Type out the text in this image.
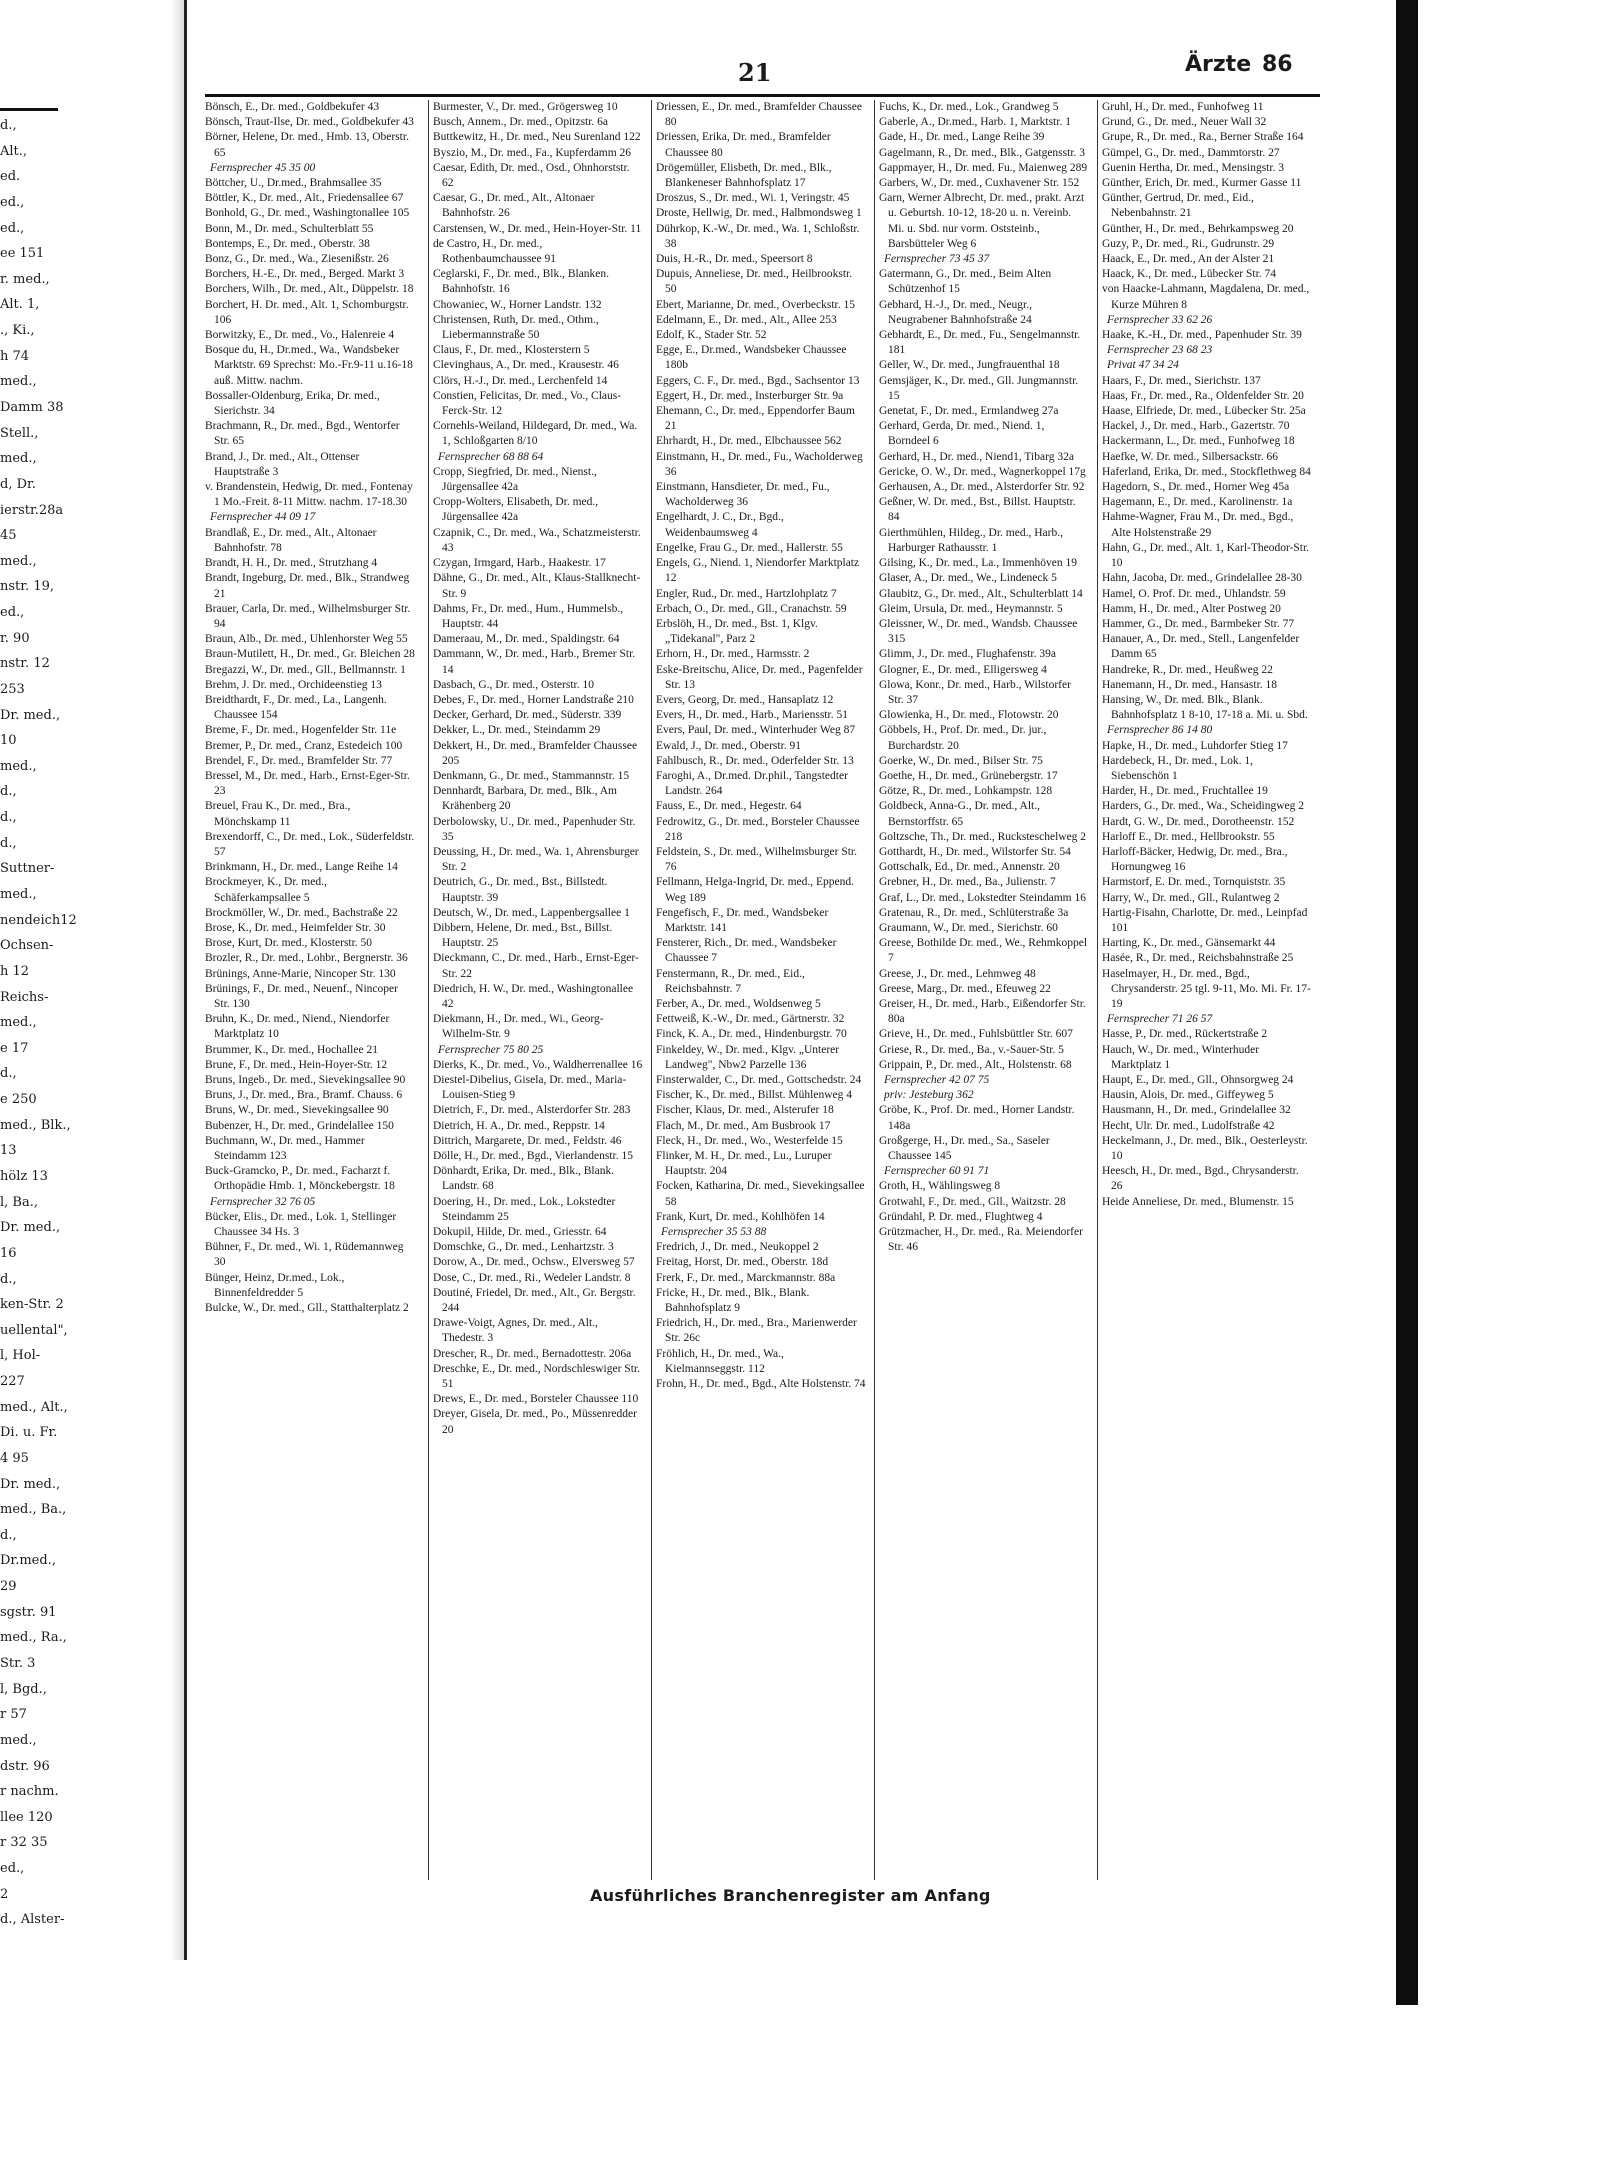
d.,
Alt.,
ed.
ed.,
ed.,
ee 151
r. med.,
Alt. 1,
., Ki.,
h 74
med.,
Damm 38
Stell.,
med.,
d, Dr.
ierstr.28a
45
med.,
nstr. 19,
ed.,
r. 90
nstr. 12
253
Dr. med.,
10
med.,
d.,
d.,
d.,
Suttner-
med.,
nendeich12
Ochsen-
h 12
Reichs-
med.,
e 17
d.,
e 250
med., Blk.,
13
hölz 13
l, Ba.,
Dr. med.,
16
d.,
ken-Str. 2
uellental",
l, Hol-
227
med., Alt.,
Di. u. Fr.
4 95
Dr. med.,
med., Ba.,
d.,
Dr.med.,
29
sgstr. 91
med., Ra.,
Str. 3
l, Bgd.,
r 57
med.,
dstr. 96
r nachm.
llee 120
r 32 35
ed.,
2
d., Alster-
21	Ärzte 86

Bönsch, E., Dr. med., Goldbekufer 43

Bönsch, Traut-Ilse, Dr. med., Goldbekufer 43

Börner, Helene, Dr. med., Hmb. 13, Oberstr. 65

Fernsprecher 45 35 00

Böttcher, U., Dr.med., Brahmsallee 35

Böttler, K., Dr. med., Alt., Friedensallee 67

Bonhold, G., Dr. med., Washingtonallee 105

Bonn, M., Dr. med., Schulterblatt 55

Bontemps, E., Dr. med., Oberstr. 38

Bonz, G., Dr. med., Wa., Ziesenißstr. 26

Borchers, H.-E., Dr. med., Berged. Markt 3

Borchers, Wilh., Dr. med., Alt., Düppelstr. 18

Borchert, H. Dr. med., Alt. 1, Schomburgstr. 106

Borwitzky, E., Dr. med., Vo., Halenreie 4

Bosque du, H., Dr.med., Wa., Wandsbeker Marktstr. 69 Sprechst: Mo.-Fr.9-11 u.16-18 auß. Mittw. nachm.

Bossaller-Oldenburg, Erika, Dr. med., Sierichstr. 34

Brachmann, R., Dr. med., Bgd., Wentorfer Str. 65

Brand, J., Dr. med., Alt., Ottenser Hauptstraße 3

v. Brandenstein, Hedwig, Dr. med., Fontenay 1 Mo.-Freit. 8-11 Mittw. nachm. 17-18.30

Fernsprecher 44 09 17

Brandlaß, E., Dr. med., Alt., Altonaer Bahnhofstr. 78

Brandt, H. H., Dr. med., Strutzhang 4

Brandt, Ingeburg, Dr. med., Blk., Strandweg 21

Brauer, Carla, Dr. med., Wilhelmsburger Str. 94

Braun, Alb., Dr. med., Uhlenhorster Weg 55

Braun-Mutilett, H., Dr. med., Gr. Bleichen 28

Bregazzi, W., Dr. med., Gll., Bellmannstr. 1

Brehm, J. Dr. med., Orchideenstieg 13

Breidthardt, F., Dr. med., La., Langenh. Chaussee 154

Breme, F., Dr. med., Hogenfelder Str. 11e

Bremer, P., Dr. med., Cranz, Estedeich 100

Brendel, F., Dr. med., Bramfelder Str. 77

Bressel, M., Dr. med., Harb., Ernst-Eger-Str. 23

Breuel, Frau K., Dr. med., Bra., Mönchskamp 11

Brexendorff, C., Dr. med., Lok., Süderfeldstr. 57

Brinkmann, H., Dr. med., Lange Reihe 14

Brockmeyer, K., Dr. med., Schäferkampsallee 5

Brockmöller, W., Dr. med., Bachstraße 22

Brose, K., Dr. med., Heimfelder Str. 30

Brose, Kurt, Dr. med., Klosterstr. 50

Brozler, R., Dr. med., Lohbr., Bergnerstr. 36

Brünings, Anne-Marie, Nincoper Str. 130

Brünings, F., Dr. med., Neuenf., Nincoper Str. 130

Bruhn, K., Dr. med., Niend., Niendorfer Marktplatz 10

Brummer, K., Dr. med., Hochallee 21

Brune, F., Dr. med., Hein-Hoyer-Str. 12

Bruns, Ingeb., Dr. med., Sievekingsallee 90

Bruns, J., Dr. med., Bra., Bramf. Chauss. 6

Bruns, W., Dr. med., Sievekingsallee 90

Bubenzer, H., Dr. med., Grindelallee 150

Buchmann, W., Dr. med., Hammer Steindamm 123

Buck-Gramcko, P., Dr. med., Facharzt f. Orthopädie Hmb. 1, Mönckebergstr. 18

Fernsprecher 32 76 05

Bücker, Elis., Dr. med., Lok. 1, Stellinger Chaussee 34 Hs. 3

Bühner, F., Dr. med., Wi. 1, Rüdemannweg 30

Bünger, Heinz, Dr.med., Lok., Binnenfeldredder 5

Bulcke, W., Dr. med., Gll., Statthalterplatz 2

Burmester, V., Dr. med., Grögersweg 10

Busch, Annem., Dr. med., Opitzstr. 6a

Buttkewitz, H., Dr. med., Neu Surenland 122

Byszio, M., Dr. med., Fa., Kupferdamm 26

Caesar, Edith, Dr. med., Osd., Ohnhorststr. 62

Caesar, G., Dr. med., Alt., Altonaer Bahnhofstr. 26

Carstensen, W., Dr. med., Hein-Hoyer-Str. 11

de Castro, H., Dr. med., Rothenbaumchaussee 91

Ceglarski, F., Dr. med., Blk., Blanken. Bahnhofstr. 16

Chowaniec, W., Horner Landstr. 132

Christensen, Ruth, Dr. med., Othm., Liebermannstraße 50

Claus, F., Dr. med., Klosterstern 5

Clevinghaus, A., Dr. med., Krausestr. 46

Clörs, H.-J., Dr. med., Lerchenfeld 14

Constien, Felicitas, Dr. med., Vo., Claus-Ferck-Str. 12

Cornehls-Weiland, Hildegard, Dr. med., Wa. 1, Schloßgarten 8/10

Fernsprecher 68 88 64

Cropp, Siegfried, Dr. med., Nienst., Jürgensallee 42a

Cropp-Wolters, Elisabeth, Dr. med., Jürgensallee 42a

Czapnik, C., Dr. med., Wa., Schatzmeisterstr. 43

Czygan, Irmgard, Harb., Haakestr. 17

Dähne, G., Dr. med., Alt., Klaus-Stallknecht-Str. 9

Dahms, Fr., Dr. med., Hum., Hummelsb., Hauptstr. 44

Dameraau, M., Dr. med., Spaldingstr. 64

Dammann, W., Dr. med., Harb., Bremer Str. 14

Dasbach, G., Dr. med., Osterstr. 10

Debes, F., Dr. med., Horner Landstraße 210

Decker, Gerhard, Dr. med., Süderstr. 339

Dekker, L., Dr. med., Steindamm 29

Dekkert, H., Dr. med., Bramfelder Chaussee 205

Denkmann, G., Dr. med., Stammannstr. 15

Dennhardt, Barbara, Dr. med., Blk., Am Krähenberg 20

Derbolowsky, U., Dr. med., Papenhuder Str. 35

Deussing, H., Dr. med., Wa. 1, Ahrensburger Str. 2

Deutrich, G., Dr. med., Bst., Billstedt. Hauptstr. 39

Deutsch, W., Dr. med., Lappenbergsallee 1

Dibbern, Helene, Dr. med., Bst., Billst. Hauptstr. 25

Dieckmann, C., Dr. med., Harb., Ernst-Eger-Str. 22

Diedrich, H. W., Dr. med., Washingtonallee 42

Diekmann, H., Dr. med., Wi., Georg-Wilhelm-Str. 9

Fernsprecher 75 80 25

Dierks, K., Dr. med., Vo., Waldherrenallee 16

Diestel-Dibelius, Gisela, Dr. med., Maria-Louisen-Stieg 9

Dietrich, F., Dr. med., Alsterdorfer Str. 283

Dietrich, H. A., Dr. med., Reppstr. 14

Dittrich, Margarete, Dr. med., Feldstr. 46

Dölle, H., Dr. med., Bgd., Vierlandenstr. 15

Dönhardt, Erika, Dr. med., Blk., Blank. Landstr. 68

Doering, H., Dr. med., Lok., Lokstedter Steindamm 25

Dokupil, Hilde, Dr. med., Griesstr. 64

Domschke, G., Dr. med., Lenhartzstr. 3

Dorow, A., Dr. med., Ochsw., Elversweg 57

Dose, C., Dr. med., Ri., Wedeler Landstr. 8

Doutiné, Friedel, Dr. med., Alt., Gr. Bergstr. 244

Drawe-Voigt, Agnes, Dr. med., Alt., Thedestr. 3

Drescher, R., Dr. med., Bernadottestr. 206a

Dreschke, E., Dr. med., Nordschleswiger Str. 51

Drews, E., Dr. med., Borsteler Chaussee 110

Dreyer, Gisela, Dr. med., Po., Müssenredder 20

Driessen, E., Dr. med., Bramfelder Chaussee 80

Driessen, Erika, Dr. med., Bramfelder Chaussee 80

Drögemüller, Elisbeth, Dr. med., Blk., Blankeneser Bahnhofsplatz 17

Droszus, S., Dr. med., Wi. 1, Veringstr. 45

Droste, Hellwig, Dr. med., Halbmondsweg 1

Dührkop, K.-W., Dr. med., Wa. 1, Schloßstr. 38

Duis, H.-R., Dr. med., Speersort 8

Dupuis, Anneliese, Dr. med., Heilbrookstr. 50

Ebert, Marianne, Dr. med., Overbeckstr. 15

Edelmann, E., Dr. med., Alt., Allee 253

Edolf, K., Stader Str. 52

Egge, E., Dr.med., Wandsbeker Chaussee 180b

Eggers, C. F., Dr. med., Bgd., Sachsentor 13

Eggert, H., Dr. med., Insterburger Str. 9a

Ehemann, C., Dr. med., Eppendorfer Baum 21

Ehrhardt, H., Dr. med., Elbchaussee 562

Einstmann, H., Dr. med., Fu., Wacholderweg 36

Einstmann, Hansdieter, Dr. med., Fu., Wacholderweg 36

Engelhardt, J. C., Dr., Bgd., Weidenbaumsweg 4

Engelke, Frau G., Dr. med., Hallerstr. 55

Engels, G., Niend. 1, Niendorfer Marktplatz 12

Engler, Rud., Dr. med., Hartzlohplatz 7

Erbach, O., Dr. med., Gll., Cranachstr. 59

Erbslöh, H., Dr. med., Bst. 1, Klgv. „Tidekanal", Parz 2

Erhorn, H., Dr. med., Harmsstr. 2

Eske-Breitschu, Alice, Dr. med., Pagenfelder Str. 13

Evers, Georg, Dr. med., Hansaplatz 12

Evers, H., Dr. med., Harb., Mariensstr. 51

Evers, Paul, Dr. med., Winterhuder Weg 87

Ewald, J., Dr. med., Oberstr. 91

Fahlbusch, R., Dr. med., Oderfelder Str. 13

Faroghi, A., Dr.med. Dr.phil., Tangstedter Landstr. 264

Fauss, E., Dr. med., Hegestr. 64

Fedrowitz, G., Dr. med., Borsteler Chaussee 218

Feldstein, S., Dr. med., Wilhelmsburger Str. 76

Fellmann, Helga-Ingrid, Dr. med., Eppend. Weg 189

Fengefisch, F., Dr. med., Wandsbeker Marktstr. 141

Fensterer, Rich., Dr. med., Wandsbeker Chaussee 7

Fenstermann, R., Dr. med., Eid., Reichsbahnstr. 7

Ferber, A., Dr. med., Woldsenweg 5

Fettweiß, K.-W., Dr. med., Gärtnerstr. 32

Finck, K. A., Dr. med., Hindenburgstr. 70

Finkeldey, W., Dr. med., Klgv. „Unterer Landweg", Nbw2 Parzelle 136

Finsterwalder, C., Dr. med., Gottschedstr. 24

Fischer, K., Dr. med., Billst. Mühlenweg 4

Fischer, Klaus, Dr. med., Alsterufer 18

Flach, M., Dr. med., Am Busbrook 17

Fleck, H., Dr. med., Wo., Westerfelde 15

Flinker, M. H., Dr. med., Lu., Luruper Hauptstr. 204

Focken, Katharina, Dr. med., Sievekingsallee 58

Frank, Kurt, Dr. med., Kohlhöfen 14

Fernsprecher 35 53 88

Fredrich, J., Dr. med., Neukoppel 2

Freitag, Horst, Dr. med., Oberstr. 18d

Frerk, F., Dr. med., Marckmannstr. 88a

Fricke, H., Dr. med., Blk., Blank. Bahnhofsplatz 9

Friedrich, H., Dr. med., Bra., Marienwerder Str. 26c

Fröhlich, H., Dr. med., Wa., Kielmannseggstr. 112

Frohn, H., Dr. med., Bgd., Alte Holstenstr. 74

Fuchs, K., Dr. med., Lok., Grandweg 5

Gaberle, A., Dr.med., Harb. 1, Marktstr. 1

Gade, H., Dr. med., Lange Reihe 39

Gagelmann, R., Dr. med., Blk., Gatgensstr. 3

Gappmayer, H., Dr. med. Fu., Maienweg 289

Garbers, W., Dr. med., Cuxhavener Str. 152

Garn, Werner Albrecht, Dr. med., prakt. Arzt u. Geburtsh. 10-12, 18-20 u. n. Vereinb. Mi. u. Sbd. nur vorm. Oststeinb., Barsbütteler Weg 6

Fernsprecher 73 45 37

Gatermann, G., Dr. med., Beim Alten Schützenhof 15

Gebhard, H.-J., Dr. med., Neugr., Neugrabener Bahnhofstraße 24

Gebhardt, E., Dr. med., Fu., Sengelmannstr. 181

Geller, W., Dr. med., Jungfrauenthal 18

Gemsjäger, K., Dr. med., Gll. Jungmannstr. 15

Genetat, F., Dr. med., Ermlandweg 27a

Gerhard, Gerda, Dr. med., Niend. 1, Borndeel 6

Gerhard, H., Dr. med., Niend1, Tibarg 32a

Gericke, O. W., Dr. med., Wagnerkoppel 17g

Gerhausen, A., Dr. med., Alsterdorfer Str. 92

Geßner, W. Dr. med., Bst., Billst. Hauptstr. 84

Gierthmühlen, Hildeg., Dr. med., Harb., Harburger Rathausstr. 1

Gilsing, K., Dr. med., La., Immenhöven 19

Glaser, A., Dr. med., We., Lindeneck 5

Glaubitz, G., Dr. med., Alt., Schulterblatt 14

Gleim, Ursula, Dr. med., Heymannstr. 5

Gleissner, W., Dr. med., Wandsb. Chaussee 315

Glimm, J., Dr. med., Flughafenstr. 39a

Glogner, E., Dr. med., Elligersweg 4

Glowa, Konr., Dr. med., Harb., Wilstorfer Str. 37

Glowienka, H., Dr. med., Flotowstr. 20

Göbbels, H., Prof. Dr. med., Dr. jur., Burchardstr. 20

Goerke, W., Dr. med., Bilser Str. 75

Goethe, H., Dr. med., Grünebergstr. 17

Götze, R., Dr. med., Lohkampstr. 128

Goldbeck, Anna-G., Dr. med., Alt., Bernstorffstr. 65

Goltzsche, Th., Dr. med., Rucksteschelweg 2

Gotthardt, H., Dr. med., Wilstorfer Str. 54

Gottschalk, Ed., Dr. med., Annenstr. 20

Grebner, H., Dr. med., Ba., Julienstr. 7

Graf, L., Dr. med., Lokstedter Steindamm 16

Gratenau, R., Dr. med., Schlüterstraße 3a

Graumann, W., Dr. med., Sierichstr. 60

Greese, Bothilde Dr. med., We., Rehmkoppel 7

Greese, J., Dr. med., Lehmweg 48

Greese, Marg., Dr. med., Efeuweg 22

Greiser, H., Dr. med., Harb., Eißendorfer Str. 80a

Grieve, H., Dr. med., Fuhlsbüttler Str. 607

Griese, R., Dr. med., Ba., v.-Sauer-Str. 5

Grippain, P., Dr. med., Alt., Holstenstr. 68

Fernsprecher 42 07 75

priv: Jesteburg 362

Gröbe, K., Prof. Dr. med., Horner Landstr. 148a

Großgerge, H., Dr. med., Sa., Saseler Chaussee 145

Fernsprecher 60 91 71

Groth, H., Wählingsweg 8

Grotwahl, F., Dr. med., Gll., Waitzstr. 28

Gründahl, P. Dr. med., Flughtweg 4

Grützmacher, H., Dr. med., Ra. Meiendorfer Str. 46

Gruhl, H., Dr. med., Funhofweg 11

Grund, G., Dr. med., Neuer Wall 32

Grupe, R., Dr. med., Ra., Berner Straße 164

Gümpel, G., Dr. med., Dammtorstr. 27

Guenin Hertha, Dr. med., Mensingstr. 3

Günther, Erich, Dr. med., Kurmer Gasse 11

Günther, Gertrud, Dr. med., Eid., Nebenbahnstr. 21

Günther, H., Dr. med., Behrkampsweg 20

Guzy, P., Dr. med., Ri., Gudrunstr. 29

Haack, E., Dr. med., An der Alster 21

Haack, K., Dr. med., Lübecker Str. 74

von Haacke-Lahmann, Magdalena, Dr. med., Kurze Mühren 8

Fernsprecher 33 62 26

Haake, K.-H., Dr. med., Papenhuder Str. 39

Fernsprecher 23 68 23

Privat 47 34 24

Haars, F., Dr. med., Sierichstr. 137

Haas, Fr., Dr. med., Ra., Oldenfelder Str. 20

Haase, Elfriede, Dr. med., Lübecker Str. 25a

Hackel, J., Dr. med., Harb., Gazertstr. 70

Hackermann, L., Dr. med., Funhofweg 18

Haefke, W. Dr. med., Silbersackstr. 66

Haferland, Erika, Dr. med., Stockflethweg 84

Hagedorn, S., Dr. med., Horner Weg 45a

Hagemann, E., Dr. med., Karolinenstr. 1a

Hahme-Wagner, Frau M., Dr. med., Bgd., Alte Holstenstraße 29

Hahn, G., Dr. med., Alt. 1, Karl-Theodor-Str. 10

Hahn, Jacoba, Dr. med., Grindelallee 28-30

Hamel, O. Prof. Dr. med., Uhlandstr. 59

Hamm, H., Dr. med., Alter Postweg 20

Hammer, G., Dr. med., Barmbeker Str. 77

Hanauer, A., Dr. med., Stell., Langenfelder Damm 65

Handreke, R., Dr. med., Heußweg 22

Hanemann, H., Dr. med., Hansastr. 18

Hansing, W., Dr. med. Blk., Blank. Bahnhofsplatz 1 8-10, 17-18 a. Mi. u. Sbd.

Fernsprecher 86 14 80

Hapke, H., Dr. med., Luhdorfer Stieg 17

Hardebeck, H., Dr. med., Lok. 1, Siebenschön 1

Harder, H., Dr. med., Fruchtallee 19

Harders, G., Dr. med., Wa., Scheidingweg 2

Hardt, G. W., Dr. med., Dorotheenstr. 152

Harloff E., Dr. med., Hellbrookstr. 55

Harloff-Bäcker, Hedwig, Dr. med., Bra., Hornungweg 16

Harmstorf, E. Dr. med., Tornquiststr. 35

Harry, W., Dr. med., Gll., Rulantweg 2

Hartig-Fisahn, Charlotte, Dr. med., Leinpfad 101

Harting, K., Dr. med., Gänsemarkt 44

Hasée, R., Dr. med., Reichsbahnstraße 25

Haselmayer, H., Dr. med., Bgd., Chrysanderstr. 25 tgl. 9-11, Mo. Mi. Fr. 17-19

Fernsprecher 71 26 57

Hasse, P., Dr. med., Rückertstraße 2

Hauch, W., Dr. med., Winterhuder Marktplatz 1

Haupt, E., Dr. med., Gll., Ohnsorgweg 24

Hausin, Alois, Dr. med., Giffeyweg 5

Hausmann, H., Dr. med., Grindelallee 32

Hecht, Ulr. Dr. med., Ludolfstraße 42

Heckelmann, J., Dr. med., Blk., Oesterleystr. 10

Heesch, H., Dr. med., Bgd., Chrysanderstr. 26

Heide Anneliese, Dr. med., Blumenstr. 15

Ausführliches Branchenregister am Anfang
